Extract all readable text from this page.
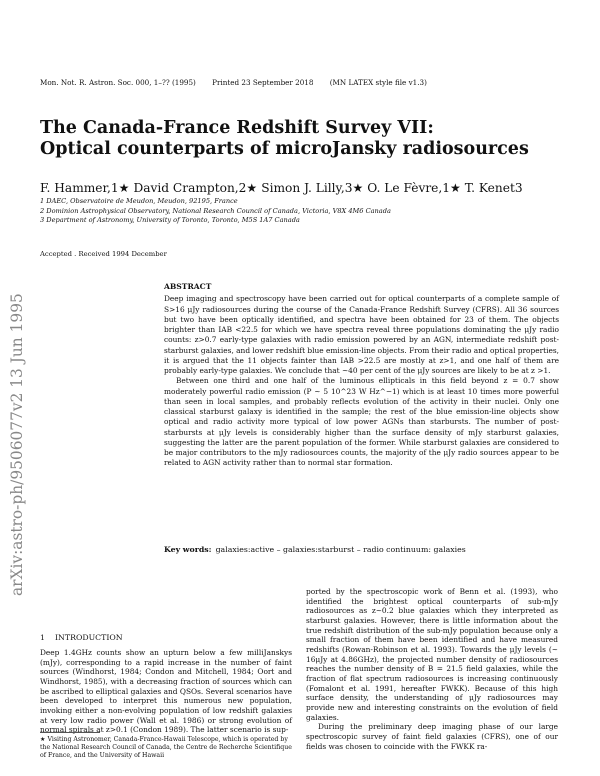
Mon. Not. R. Astron. Soc. 000, 1–?? (1995) Printed 23 September 2018 (MN LATEX style file v1.3)
The Canada-France Redshift Survey VII:
Optical counterparts of microJansky radiosources
F. Hammer,1★ David Crampton,2★ Simon J. Lilly,3★ O. Le Fèvre,1★ T. Kenet3
1 DAEC, Observatoire de Meudon, Meudon, 92195, France
2 Dominion Astrophysical Observatory, National Research Council of Canada, Victoria, V8X 4M6 Canada
3 Department of Astronomy, University of Toronto, Toronto, M5S 1A7 Canada
Accepted . Received 1994 December
arXiv:astro-ph/9506077v2 13 Jun 1995
ABSTRACT

Deep imaging and spectroscopy have been carried out for optical counterparts of a complete sample of S>16 μJy radiosources during the course of the Canada-France Redshift Survey (CFRS). All 36 sources but two have been optically identified, and spectra have been obtained for 23 of them. The objects brighter than IAB <22.5 for which we have spectra reveal three populations dominating the μJy radio counts: z>0.7 early-type galaxies with radio emission powered by an AGN, intermediate redshift post-starburst galaxies, and lower redshift blue emission-line objects. From their radio and optical properties, it is argued that the 11 objects fainter than IAB >22.5 are mostly at z>1, and one half of them are probably early-type galaxies. We conclude that ~40 per cent of the μJy sources are likely to be at z >1.

Between one third and one half of the luminous ellipticals in this field beyond z = 0.7 show moderately powerful radio emission (P ~ 5 10^23 W Hz^−1) which is at least 10 times more powerful than seen in local samples, and probably reflects evolution of the activity in their nuclei. Only one classical starburst galaxy is identified in the sample; the rest of the blue emission-line objects show optical and radio activity more typical of low power AGNs than starbursts. The number of post-starbursts at μJy levels is considerably higher than the surface density of mJy starburst galaxies, suggesting the latter are the parent population of the former. While starburst galaxies are considered to be major contributors to the mJy radiosources counts, the majority of the μJy radio sources appear to be related to AGN activity rather than to normal star formation.

Key words: galaxies:active – galaxies:starburst – radio continuum: galaxies
1 INTRODUCTION

Deep 1.4GHz counts show an upturn below a few milliJanskys (mJy), corresponding to a rapid increase in the number of faint sources (Windhorst, 1984; Condon and Mitchell, 1984; Oort and Windhorst, 1985), with a decreasing fraction of sources which can be ascribed to elliptical galaxies and QSOs. Several scenarios have been developed to interpret this numerous new population, invoking either a non-evolving population of low redshift galaxies at very low radio power (Wall et al. 1986) or strong evolution of normal spirals at z>0.1 (Condon 1989). The latter scenario is sup-

★ Visiting Astronomer, Canada-France-Hawaii Telescope, which is operated by the National Research Council of Canada, the Centre de Recherche Scientifique of France, and the University of Hawaii

ported by the spectroscopic work of Benn et al. (1993), who identified the brightest optical counterparts of sub-mJy radiosources as z~0.2 blue galaxies which they interpreted as starburst galaxies. However, there is little information about the true redshift distribution of the sub-mJy population because only a small fraction of them have been identified and have measured redshifts (Rowan-Robinson et al. 1993). Towards the μJy levels (~ 16μJy at 4.86GHz), the projected number density of radiosources reaches the number density of B = 21.5 field galaxies, while the fraction of flat spectrum radiosources is increasing continuously (Fomalont et al. 1991, hereafter FWKK). Because of this high surface density, the understanding of μJy radiosources may provide new and interesting constraints on the evolution of field galaxies.

During the preliminary deep imaging phase of our large spectroscopic survey of faint field galaxies (CFRS), one of our fields was chosen to coincide with the FWKK ra-
